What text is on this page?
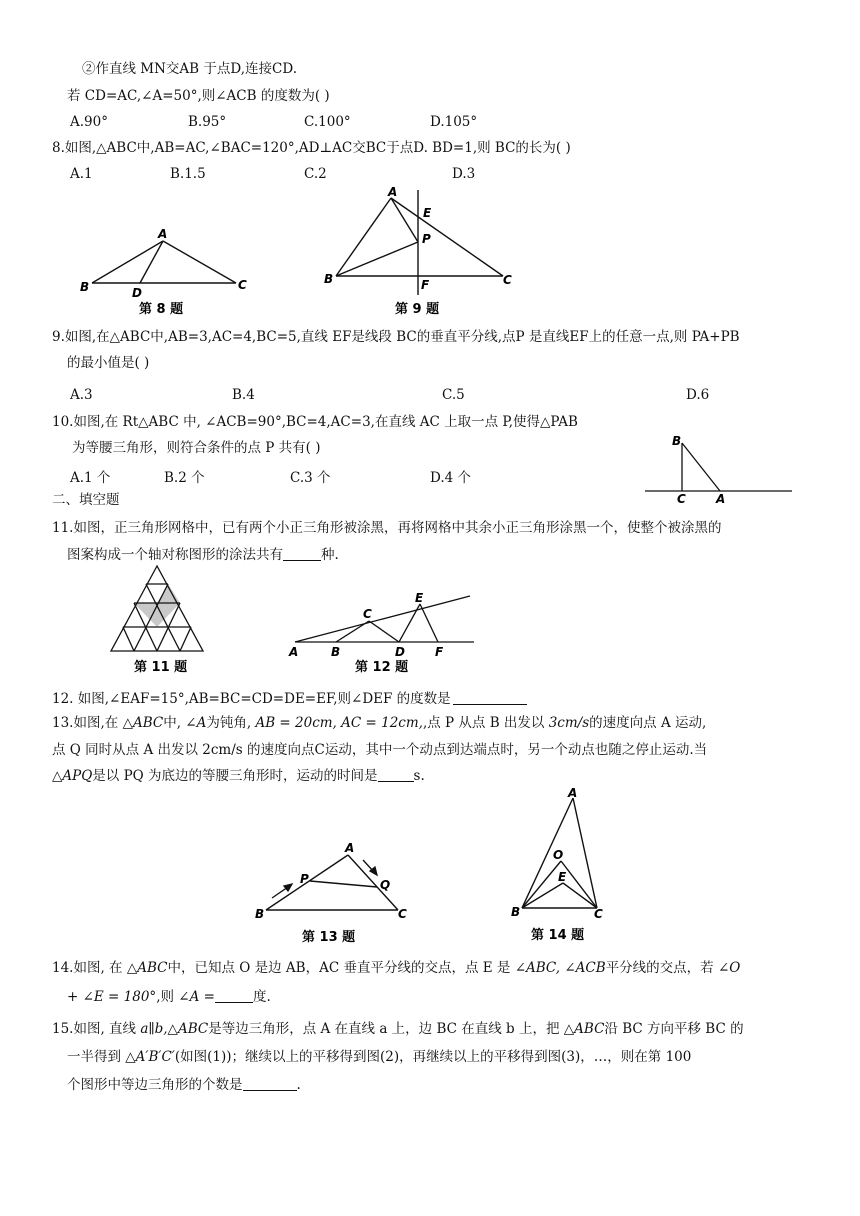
②作直线 MN交AB 于点D,连接CD.
若 CD=AC,∠A=50°,则∠ACB 的度数为( )
A.90°	B.95°	C.100°	D.105°
8.如图,△ABC中,AB=AC,∠BAC=120°,AD⊥AC交BC于点D. BD=1,则 BC的长为( )
A.1	B.1.5	C.2	D.3
A
B	C
D
第 8 题
A
B	C
E
F
P
第 9 题
9.如图,在△ABC中,AB=3,AC=4,BC=5,直线 EF是线段 BC的垂直平分线,点P 是直线EF上的任意一点,则 PA+PB
的最小值是( )
A.3	B.4	C.5	D.6
10.如图,在 Rt△ABC 中, ∠ACB=90°,BC=4,AC=3,在直线 AC 上取一点 P,使得△PAB
为等腰三角形，则符合条件的点 P 共有( )
A.1 个	B.2 个	C.3 个	D.4 个
B
C	A
二、填空题
11.如图，正三角形网格中，已有两个小正三角形被涂黑，再将网格中其余小正三角形涂黑一个，使整个被涂黑的
图案构成一个轴对称图形的涂法共有	种.
第 11 题
A	B
C
D
E
F
第 12 题
12. 如图,∠EAF=15°,AB=BC=CD=DE=EF,则∠DEF 的度数是
13.如图,在 △ABC中, ∠A为钝角, AB = 20cm, AC = 12cm,,点 P 从点 B 出发以 3cm/s的速度向点 A 运动,
点 Q 同时从点 A 出发以 2cm/s 的速度向点C运动，其中一个动点到达端点时，另一个动点也随之停止运动.当
△APQ是以 PQ 为底边的等腰三角形时，运动的时间是	s.
A
B	C
P	Q
第 13 题
A
B	C
O
E
第 14 题
14.如图, 在 △ABC中，已知点 O 是边 AB，AC 垂直平分线的交点，点 E 是 ∠ABC, ∠ACB平分线的交点，若 ∠O
+ ∠E = 180°,则 ∠A =	度.
15.如图, 直线 a∥b,△ABC是等边三角形，点 A 在直线 a 上，边 BC 在直线 b 上，把 △ABC沿 BC 方向平移 BC 的
一半得到 △A′B′C′(如图(1))；继续以上的平移得到图(2)，再继续以上的平移得到图(3)，…，则在第 100
个图形中等边三角形的个数是	.
